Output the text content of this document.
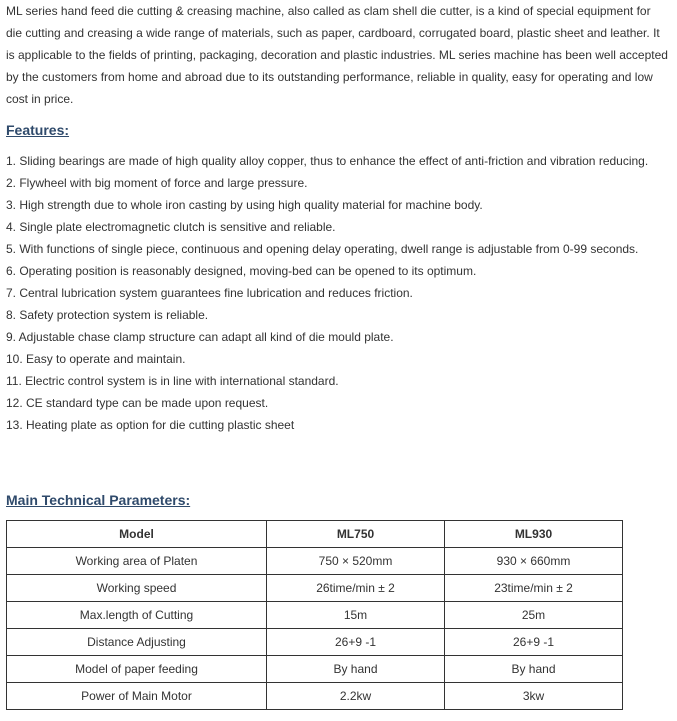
ML series hand feed die cutting & creasing machine, also called as clam shell die cutter, is a kind of special equipment for die cutting and creasing a wide range of materials, such as paper, cardboard, corrugated board, plastic sheet and leather. It is applicable to the fields of printing, packaging, decoration and plastic industries. ML series machine has been well accepted by the customers from home and abroad due to its outstanding performance, reliable in quality, easy for operating and low cost in price.

Features:
1. Sliding bearings are made of high quality alloy copper, thus to enhance the effect of anti-friction and vibration reducing.
2. Flywheel with big moment of force and large pressure.
3. High strength due to whole iron casting by using high quality material for machine body.
4. Single plate electromagnetic clutch is sensitive and reliable.
5. With functions of single piece, continuous and opening delay operating, dwell range is adjustable from 0-99 seconds.
6. Operating position is reasonably designed, moving-bed can be opened to its optimum.
7. Central lubrication system guarantees fine lubrication and reduces friction.
8. Safety protection system is reliable.
9. Adjustable chase clamp structure can adapt all kind of die mould plate.
10. Easy to operate and maintain.
11. Electric control system is in line with international standard.
12. CE standard type can be made upon request.
13. Heating plate as option for die cutting plastic sheet
Main Technical Parameters:
Model	ML750	ML930
Working area of Platen	750 × 520mm	930 × 660mm
Working speed	26time/min ± 2	23time/min ± 2
Max.length of Cutting	15m	25m
Distance Adjusting	26+9 -1	26+9 -1
Model of paper feeding	By hand	By hand
Power of Main Motor	2.2kw	3kw
